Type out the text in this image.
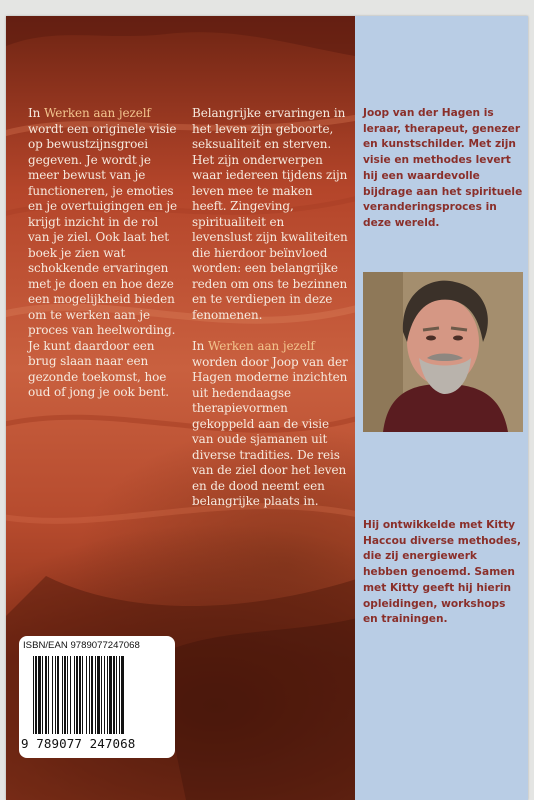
In Werken aan jezelf wordt een originele visie op bewustzijnsgroei gegeven. Je wordt je meer bewust van je functioneren, je emoties en je overtuigingen en je krijgt inzicht in de rol van je ziel. Ook laat het boek je zien wat schokkende ervaringen met je doen en hoe deze een mogelijkheid bieden om te werken aan je proces van heelwording. Je kunt daardoor een brug slaan naar een gezonde toekomst, hoe oud of jong je ook bent.

Belangrijke ervaringen in het leven zijn geboorte, seksualiteit en sterven. Het zijn onderwerpen waar iedereen tijdens zijn leven mee te maken heeft. Zingeving, spiritualiteit en levenslust zijn kwaliteiten die hierdoor beïnvloed worden: een belangrijke reden om ons te bezinnen en te verdiepen in deze fenomenen.

In Werken aan jezelf worden door Joop van der Hagen moderne inzichten uit hedendaagse therapievormen gekoppeld aan de visie van oude sjamanen uit diverse tradities. De reis van de ziel door het leven en de dood neemt een belangrijke plaats in.

ISBN/EAN 9789077247068
9 789077 247068
Joop van der Hagen is leraar, therapeut, genezer en kunstschilder. Met zijn visie en methodes levert hij een waardevolle bijdrage aan het spirituele veranderingsproces in deze wereld.
Hij ontwikkelde met Kitty Haccou diverse methodes, die zij energiewerk hebben genoemd. Samen met Kitty geeft hij hierin opleidingen, workshops en trainingen.
